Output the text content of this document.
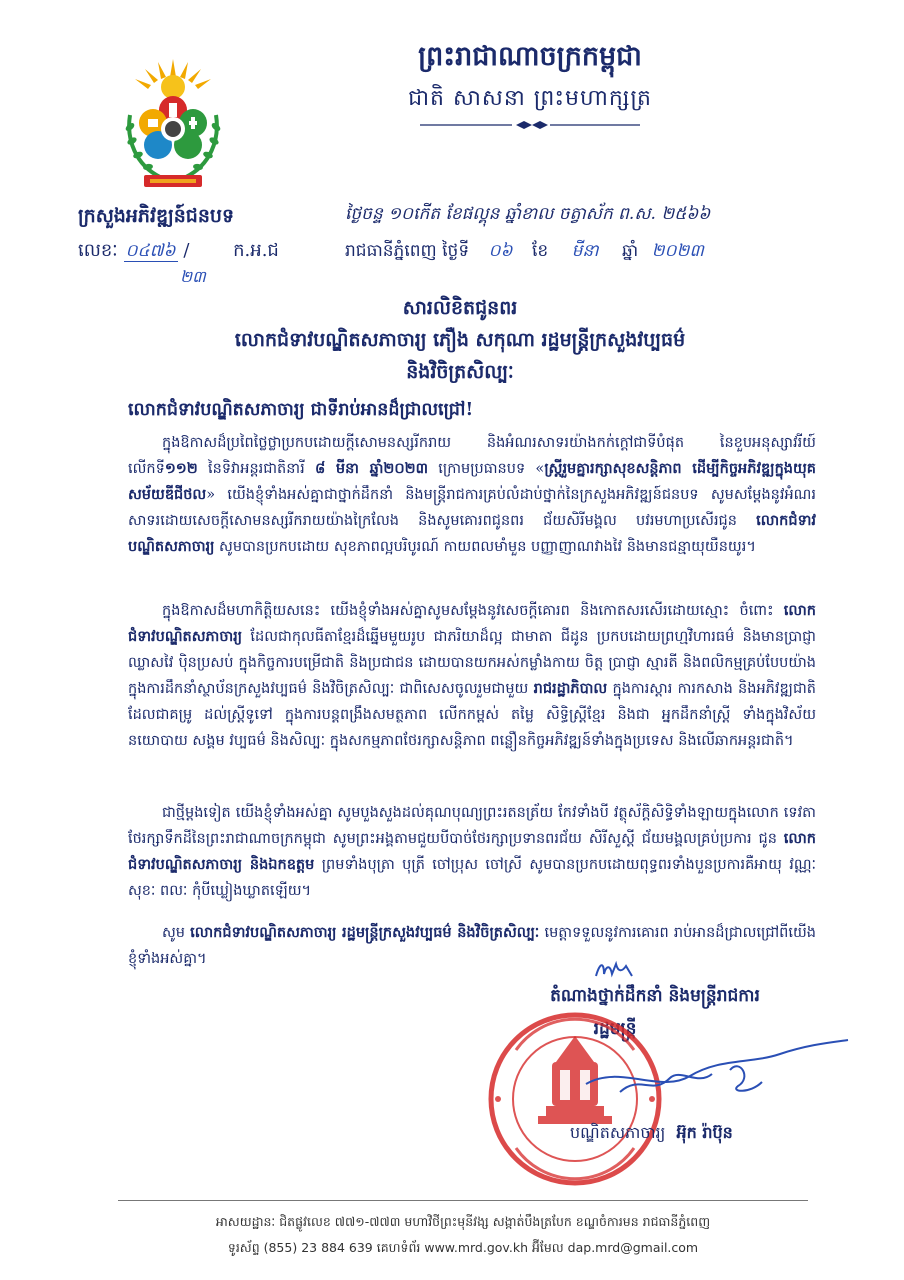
ព្រះរាជាណាចក្រកម្ពុជា
ជាតិ សាសនា ព្រះមហាក្សត្រ
ក្រសួងអភិវឌ្ឍន៍ជនបទ
លេខៈ ០៤៧៦ / ក.អ.ជ
២៣
ថ្ងៃចន្ទ ១០កើត ខែផល្គុន ឆ្នាំខាល ចត្វាស័ក ព.ស. ២៥៦៦
រាជធានីភ្នំពេញ ថ្ងៃទី ០៦ ខែ មីនា ឆ្នាំ ២០២៣
សារលិខិតជូនពរ
លោកជំទាវបណ្ឌិតសភាចារ្យ ភឿង សកុណា រដ្ឋមន្ត្រីក្រសួងវប្បធម៌
និងវិចិត្រសិល្បៈ
លោកជំទាវបណ្ឌិតសភាចារ្យ ជាទីរាប់អានដ៏ជ្រាលជ្រៅ!

ក្នុងឱកាសដ៏ប្រពៃថ្លៃថ្លាប្រកបដោយក្ដីសោមនស្សរីករាយ និងអំណរសាទរយ៉ាងកក់ក្ដៅជាទីបំផុត នៃខួបអនុស្សាវរីយ៍លើកទី១១២ នៃទិវាអន្តរជាតិនារី ៨ មីនា ឆ្នាំ២០២៣ ក្រោមប្រធានបទ «ស្ត្រីរួមគ្នារក្សាសុខសន្តិភាព ដើម្បីកិច្ចអភិវឌ្ឍក្នុងយុគសម័យឌីជីថល» យើងខ្ញុំទាំងអស់គ្នាជាថ្នាក់ដឹកនាំ និងមន្ត្រីរាជការគ្រប់លំដាប់ថ្នាក់នៃក្រសួងអភិវឌ្ឍន៍ជនបទ សូមសម្ដែងនូវអំណរសាទរដោយសេចក្ដីសោមនស្សរីករាយយ៉ាងក្រៃលែង និងសូមគោរពជូនពរ ជ័យសិរីមង្គល បវរមហាប្រសើរជូន លោកជំទាវបណ្ឌិតសភាចារ្យ សូមបានប្រកបដោយ សុខភាពល្អបរិបូរណ៍ កាយពលមាំមួន បញ្ញាញាណវាងវៃ និងមានជន្មាយុយឺនយូរ។

ក្នុងឱកាសដ៏មហាកិត្តិយសនេះ យើងខ្ញុំទាំងអស់គ្នាសូមសម្ដែងនូវសេចក្ដីគោរព និងកោតសរសើរដោយស្មោះ ចំពោះ លោកជំទាវបណ្ឌិតសភាចារ្យ ដែលជាកុលធីតាខ្មែរដ៏ឆ្នើមមួយរូប ជាភរិយាដ៏ល្អ ជាមាតា ជីដូន ប្រកបដោយព្រហ្មវិហារធម៌ និងមានប្រាជ្ញាឈ្លាសវៃ ប៉ិនប្រសប់ ក្នុងកិច្ចការបម្រើជាតិ និងប្រជាជន ដោយបានយកអស់កម្លាំងកាយ ចិត្ត ប្រាជ្ញា ស្មារតី និងពលិកម្មគ្រប់បែបយ៉ាង ក្នុងការដឹកនាំស្ថាប័នក្រសួងវប្បធម៌ និងវិចិត្រសិល្បៈ ជាពិសេសចូលរួមជាមួយ រាជរដ្ឋាភិបាល ក្នុងការស្តារ ការកសាង និងអភិវឌ្ឍជាតិ ដែលជាគម្រូ ដល់ស្ត្រីទូទៅ ក្នុងការបន្តពង្រឹងសមត្ថភាព លើកកម្ពស់ តម្លៃ សិទ្ធិស្ត្រីខ្មែរ និងជា អ្នកដឹកនាំស្ត្រី ទាំងក្នុងវិស័យនយោបាយ សង្គម វប្បធម៌ និងសិល្បៈ ក្នុងសកម្មភាពថែរក្សាសន្តិភាព ពន្លឿនកិច្ចអភិវឌ្ឍន៍ទាំងក្នុងប្រទេស និងលើឆាកអន្តរជាតិ។

ជាថ្មីម្ដងទៀត យើងខ្ញុំទាំងអស់គ្នា សូមបួងសួងដល់គុណបុណ្យព្រះរតនត្រ័យ កែវទាំងបី វត្ថុស័ក្តិសិទ្ធិទាំងឡាយក្នុងលោក ទេវតាថែរក្សាទឹកដីនៃព្រះរាជាណាចក្រកម្ពុជា សូមព្រះអង្គតាមជួយបីបាច់ថែរក្សាប្រទានពរជ័យ សិរីសួស្ដី ជ័យមង្គលគ្រប់ប្រការ ជូន លោកជំទាវបណ្ឌិតសភាចារ្យ និងឯកឧត្តម ព្រមទាំងបុត្រា បុត្រី ចៅប្រុស ចៅស្រី សូមបានប្រកបដោយពុទ្ធពរទាំងបួនប្រការគឺអាយុ វណ្ណៈ សុខៈ ពលៈ កុំបីឃ្លៀងឃ្លាតឡើយ។

សូម លោកជំទាវបណ្ឌិតសភាចារ្យ រដ្ឋមន្ត្រីក្រសួងវប្បធម៌ និងវិចិត្រសិល្បៈ មេត្តាទទួលនូវការគោរព រាប់អានដ៏ជ្រាលជ្រៅពីយើងខ្ញុំទាំងអស់គ្នា។

តំណាងថ្នាក់ដឹកនាំ និងមន្ត្រីរាជការ
រដ្ឋមន្ត្រី
បណ្ឌិតសភាចារ្យ អ៊ុក រ៉ាប៊ុន
អាសយដ្ឋានៈ ជិតផ្លូវលេខ ៧៧១-៧៧៣ មហាវិថីព្រះមុនីវង្ស សង្កាត់បឹងត្របែក ខណ្ឌចំការមន រាជធានីភ្នំពេញ
ទូរស័ព្ទ (855) 23 884 639 គេហទំព័រ www.mrd.gov.kh អ៊ីមែល dap.mrd@gmail.com
